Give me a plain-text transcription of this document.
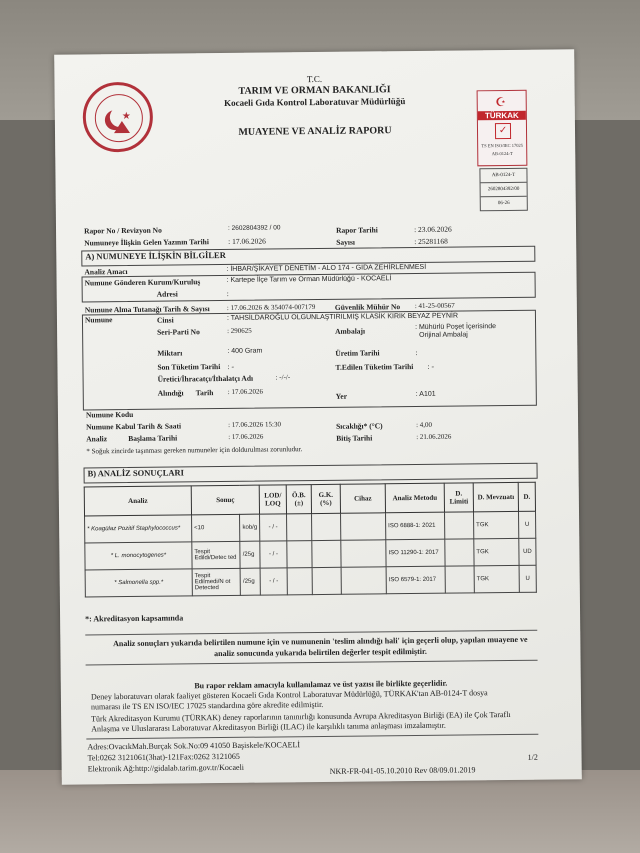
★
T.C.
TARIM VE ORMAN BAKANLIĞI
Kocaeli Gıda Kontrol Laboratuvar Müdürlüğü
MUAYENE VE ANALİZ RAPORU
☪
TÜRKAK
✓
TS EN ISO/IEC 17025
AB-0124-T
AB-0124-T
2602804392/00
06-26
Rapor No / Revizyon No	: 2602804392 / 00	Rapor Tarihi	: 23.06.2026
Numuneye İlişkin Gelen Yazının Tarihi	: 17.06.2026	Sayısı	: 25281168
A) NUMUNEYE İLİŞKİN BİLGİLER
Analiz Amacı	: İHBAR/ŞİKAYET DENETİM - ALO 174 - GIDA ZEHİRLENMESİ
Numune Gönderen Kurum/Kuruluş	: Kartepe İlçe Tarım ve Orman Müdürlüğü - KOCAELİ
Adresi	:
Numune Alma Tutanağı Tarih & Sayısı : 17.06.2026 & 354074-007179	Güvenlik Mühür No : 41-25-00567
Numune	Cinsi	: TAHSİLDAROĞLU OLGUNLAŞTIRILMIŞ KLASİK KIRIK BEYAZ PEYNİR
Seri-Parti No	: 290625	Ambalajı	: Mühürlü Poşet İçerisinde
Orijinal Ambalaj
Miktarı	: 400 Gram	Üretim Tarihi	:
Son Tüketim Tarihi : -	T.Edilen Tüketim Tarihi : -
Üretici/İhracatçı/İthalatçı Adı	: -/-/-
Alındığı Tarih : 17.06.2026	Yer	: A101
Numune Kodu
Numune Kabul Tarih & Saati	: 17.06.2026 15:30	Sıcaklığı* (°C)	: 4,00
Analiz	Başlama Tarihi	: 17.06.2026	Bitiş Tarihi	: 21.06.2026
* Soğuk zincirde taşınması gereken numuneler için doldurulması zorunludur.
B) ANALİZ SONUÇLARI
Analiz	Sonuç		LOD/ LOQ	Ö.B. (±)	G.K. (%)	Cihaz	Analiz Metodu	D. Limiti	D. Mevzuatı	D.
* Koagülaz Pozitif Staphylococcus*	<10	kob/g	- / -				ISO 6888-1: 2021		TGK	U
* L. monocytogenes*	Tespit Edildi/Detec ted	/25g	- / -				ISO 11290-1: 2017		TGK	UD
* Salmonella spp.*	Tespit Edilmedi/N ot Detected	/25g	- / -				ISO 6579-1: 2017		TGK	U
*: Akreditasyon kapsamında
Analiz sonuçları yukarıda belirtilen numune için ve numunenin 'teslim alındığı hali' için geçerli olup, yapılan muayene ve
analiz sonucunda yukarıda belirtilen değerler tespit edilmiştir.
Bu rapor reklam amacıyla kullanılamaz ve üst yazısı ile birlikte geçerlidir.
Deney laboratuvarı olarak faaliyet gösteren Kocaeli Gıda Kontrol Laboratuvar Müdürlüğü, TÜRKAK'tan AB-0124-T dosya
numarası ile TS EN ISO/IEC 17025 standardına göre akredite edilmiştir.
Türk Akreditasyon Kurumu (TÜRKAK) deney raporlarının tanınırlığı konusunda Avrupa Akreditasyon Birliği (EA) ile Çok Taraflı
Anlaşma ve Uluslararası Laboratuvar Akreditasyon Birliği (ILAC) ile karşılıklı tanıma anlaşması imzalamıştır.
Adres:OvacıkMah.Burçak Sok.No:09 41050 Başiskele/KOCAELİ
Tel:0262 3121061(3hat)-121Fax:0262 3121065
Elektronik Ağ:http://gidalab.tarim.gov.tr/Kocaeli
1/2
NKR-FR-041-05.10.2010 Rev 08/09.01.2019
